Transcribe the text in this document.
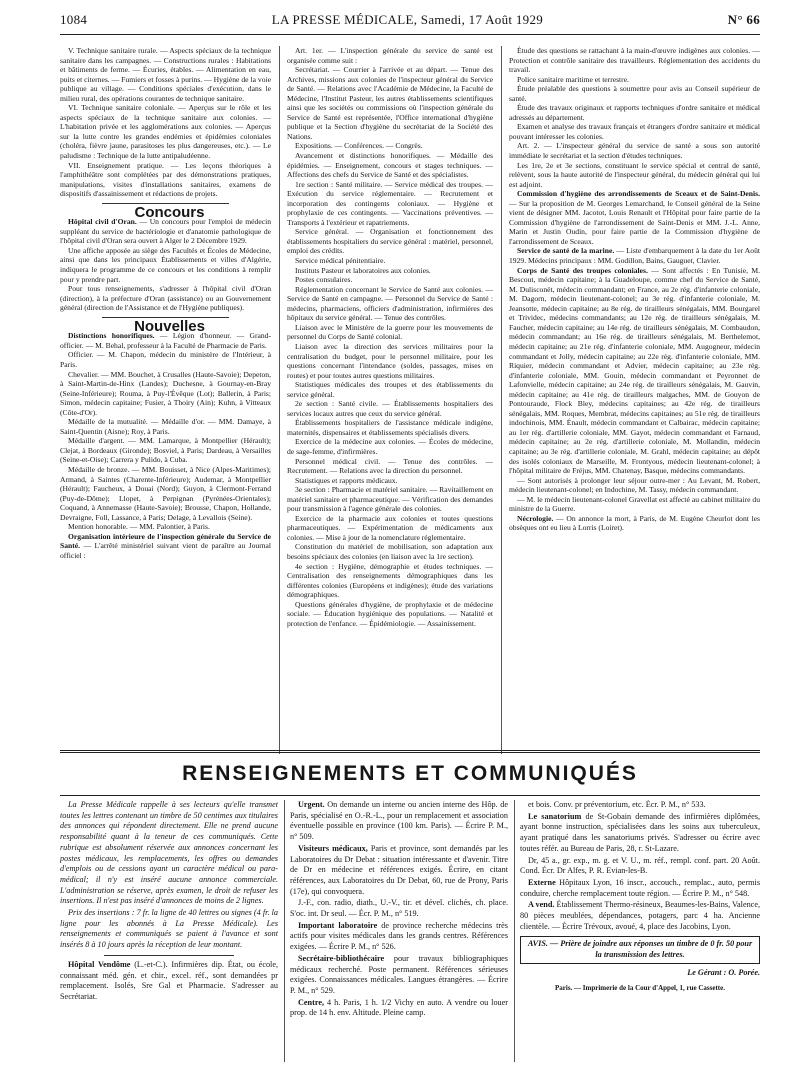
1084	LA PRESSE MÉDICALE, Samedi, 17 Août 1929	N° 66

V. Technique sanitaire rurale. — Aspects spéciaux de la technique sanitaire dans les campagnes. — Constructions rurales : Habitations et bâtiments de ferme. — Écuries, étables. — Alimentation en eau, puits et citernes. — Fumiers et fosses à purins. — Hygiène de la voie publique au village. — Conditions spéciales d'exécution, dans le milieu rural, des opérations courantes de technique sanitaire.

VI. Technique sanitaire coloniale. — Aperçus sur le rôle et les aspects spéciaux de la technique sanitaire aux colonies. — L'habitation privée et les agglomérations aux colonies. — Aperçus sur la lutte contre les grandes endémies et épidémies coloniales (choléra, fièvre jaune, parasitoses les plus dangereuses, etc.). — Le paludisme : Technique de la lutte antipaludéenne.

VII. Enseignement pratique. — Les leçons théoriques à l'amphithéâtre sont complétées par des démonstrations pratiques, manipulations, visites d'installations sanitaires, examens de dispositifs d'assainissement et rédactions de projets.

Concours

Hôpital civil d'Oran. — Un concours pour l'emploi de médecin suppléant du service de bactériologie et d'anatomie pathologique de l'hôpital civil d'Oran sera ouvert à Alger le 2 Décembre 1929.

Une affiche apposée au siège des Facultés et Écoles de Médecine, ainsi que dans les principaux Établissements et villes d'Algérie, indiquera le programme de ce concours et les conditions à remplir pour y prendre part.

Pour tous renseignements, s'adresser à l'hôpital civil d'Oran (direction), à la préfecture d'Oran (assistance) ou au Gouvernement général (direction de l'Assistance et de l'Hygiène publiques).

Nouvelles

Distinctions honorifiques. — Légion d'honneur. — Grand-officier. — M. Behal, professeur à la Faculté de Pharmacie de Paris.

Officier. — M. Chapon, médecin du ministère de l'Intérieur, à Paris.

Chevalier. — MM. Bouchet, à Crusalles (Haute-Savoie); Depeton, à Saint-Martin-de-Hinx (Landes); Duchesne, à Gournay-en-Bray (Seine-Inférieure); Rouma, à Puy-l'Évêque (Lot); Ballerin, à Paris; Simon, médecin capitaine; Fusier, à Thoiry (Ain); Kuhn, à Vitteaux (Côte-d'Or).

Médaille de la mutualité. — Médaille d'or. — MM. Damaye, à Saint-Quentin (Aisne); Roy, à Paris.

Médaille d'argent. — MM. Lamarque, à Montpellier (Hérault); Clejat, à Bordeaux (Gironde); Bosviel, à Paris; Dardeau, à Versailles (Seine-et-Oise); Carrera y Pulido, à Cuba.

Médaille de bronze. — MM. Bouisset, à Nice (Alpes-Maritimes); Armand, à Saintes (Charente-Inférieure); Audemar, à Montpellier (Hérault); Faucheux, à Douai (Nord); Guyon, à Clermont-Ferrand (Puy-de-Dôme); Llopet, à Perpignan (Pyrénées-Orientales); Coquand, à Annemasse (Haute-Savoie); Brousse, Chapon, Hollande, Devraigne, Foll, Lassance, à Paris; Delage, à Levallois (Seine).

Mention honorable. — MM. Palontier, à Paris.

Organisation intérieure de l'inspection générale du Service de Santé. — L'arrêté ministériel suivant vient de paraître au Journal officiel :

Art. 1er. — L'inspection générale du service de santé est organisée comme suit :

Secrétariat. — Courrier à l'arrivée et au départ. — Tenue des Archives, missions aux colonies de l'inspecteur général du Service de Santé. — Relations avec l'Académie de Médecine, la Faculté de Médecine, l'Institut Pasteur, les autres établissements scientifiques ainsi que les sociétés ou commissions où l'inspection générale du Service de Santé est représentée, l'Office international d'hygiène publique et la Section d'hygiène du secrétariat de la Société des Nations.

Expositions. — Conférences. — Congrès.

Avancement et distinctions honorifiques. — Médaille des épidémies. — Enseignement, concours et stages techniques. — Affections des chefs du Service de Santé et des spécialistes.

1re section : Santé militaire. — Service médical des troupes. — Exécution du service réglementaire. — Recrutement et incorporation des contingents coloniaux. — Hygiène et prophylaxie de ces contingents. — Vaccinations préventives. — Transports à l'extérieur et rapatriements.

Service général. — Organisation et fonctionnement des établissements hospitaliers du service général : matériel, personnel, emploi des crédits.

Service médical pénitentiaire.

Instituts Pasteur et laboratoires aux colonies.

Postes consulaires.

Réglementation concernant le Service de Santé aux colonies. — Service de Santé en campagne. — Personnel du Service de Santé : médecins, pharmaciens, officiers d'administration, infirmières des hôpitaux du service général. — Tenue des contrôles.

Liaison avec le Ministère de la guerre pour les mouvements de personnel du Corps de Santé colonial.

Liaison avec la direction des services militaires pour la centralisation du budget, pour le personnel militaire, pour les questions concernant l'intendance (soldes, passages, mises en routes) et pour toutes autres questions militaires.

Statistiques médicales des troupes et des établissements du service général.

2e section : Santé civile. — Établissements hospitaliers des services locaux autres que ceux du service général.

Établissements hospitaliers de l'assistance médicale indigène, maternités, dispensaires et établissements spécialisés divers.

Exercice de la médecine aux colonies. — Écoles de médecine, de sage-femme, d'infirmières.

Personnel médical civil. — Tenue des contrôles. — Recrutement. — Relations avec la direction du personnel.

Statistiques et rapports médicaux.

3e section : Pharmacie et matériel sanitaire. — Ravitaillement en matériel sanitaire et pharmaceutique. — Vérification des demandes pour transmission à l'agence générale des colonies.

Exercice de la pharmacie aux colonies et toutes questions pharmaceutiques. — Expérimentation de médicaments aux colonies. — Mise à jour de la nomenclature réglementaire.

Constitution du matériel de mobilisation, son adaptation aux besoins spéciaux des colonies (en liaison avec la 1re section).

4e section : Hygiène, démographie et études techniques. — Centralisation des renseignements démographiques dans les différentes colonies (Européens et indigènes); étude des variations démographiques.

Questions générales d'hygiène, de prophylaxie et de médecine sociale. — Éducation hygiénique des populations. — Natalité et protection de l'enfance. — Épidémiologie. — Assainissement.

Étude des questions se rattachant à la main-d'œuvre indigènes aux colonies. — Protection et contrôle sanitaire des travailleurs. Réglementation des accidents du travail.

Police sanitaire maritime et terrestre.

Étude préalable des questions à soumettre pour avis au Conseil supérieur de santé.

Étude des travaux originaux et rapports techniques d'ordre sanitaire et médical adressés au département.

Examen et analyse des travaux français et étrangers d'ordre sanitaire et médical pouvant intéresser les colonies.

Art. 2. — L'inspecteur général du service de santé a sous son autorité immédiate le secrétariat et la section d'études techniques.

Les 1re, 2e et 3e sections, constituant le service spécial et central de santé, relèvent, sous la haute autorité de l'inspecteur général, du médecin général qui lui est adjoint.

Commission d'hygiène des arrondissements de Sceaux et de Saint-Denis. — Sur la proposition de M. Georges Lemarchand, le Conseil général de la Seine vient de désigner MM. Jacotot, Louis Renault et l'Hôpital pour faire partie de la Commission d'hygiène de l'arrondissement de Saint-Denis et MM. J.-L. Anne, Marin et Justin Oudin, pour faire partie de la Commission d'hygiène de l'arrondissement de Sceaux.

Service de santé de la marine. — Liste d'embarquement à la date du 1er Août 1929. Médecins principaux : MM. Godillon, Bains, Gauguet, Clavier.

Corps de Santé des troupes coloniales. — Sont affectés : En Tunisie, M. Bescout, médecin capitaine; à la Guadeloupe, comme chef du Service de Santé, M. Dulisconët, médecin commandant; en France, au 2e rég. d'infanterie coloniale, M. Dagorn, médecin lieutenant-colonel; au 3e rég. d'infanterie coloniale, M. Jeansotte, médecin capitaine; au 8e rég. de tirailleurs sénégalais, MM. Bourgarel et Trividec, médecins commandants; au 12e rég. de tirailleurs sénégalais, M. Faucher, médecin capitaine; au 14e rég. de tirailleurs sénégalais, M. Combaudon, médecin commandant; au 16e rég. de tirailleurs sénégalais, M. Berthelemot, médecin capitaine; au 21e rég. d'infanterie coloniale, MM. Augogneur, médecin commandant et Jolly, médecin capitaine; au 22e rég. d'infanterie coloniale, MM. Riquier, médecin commandant et Advier, médecin capitaine; au 23e rég. d'infanterie coloniale, MM. Gouin, médecin commandant et Peyronnet de Lafonvielle, médecin capitaine; au 24e rég. de tirailleurs sénégalais, M. Gauvin, médecin capitaine; au 41e rég. de tirailleurs malgaches, MM. de Gouyon de Pontouraude, Flock Bley, médecins capitaines; au 42e rég. de tirailleurs sénégalais, MM. Roques, Membrat, médecins capitaines; au 51e rég. de tirailleurs indochinois, MM. Énault, médecin commandant et Calbairac, médecin capitaine; au 1er rég. d'artillerie coloniale, MM. Gayot, médecin commandant et Farnaud, médecin capitaine; au 2e rég. d'artillerie coloniale, M. Mollandin, médecin capitaine; au 3e rég. d'artillerie coloniale, M. Grahl, médecin capitaine; au dépôt des isolés coloniaux de Marseille, M. Frontyous, médecin lieutenant-colonel; à l'hôpital militaire de Fréjus, MM. Chatenay, Basque, médecins commandants.

— Sont autorisés à prolonger leur séjour outre-mer : Au Levant, M. Robert, médecin lieutenant-colonel; en Indochine, M. Tassy, médecin commandant.

— M. le médecin lieutenant-colonel Gravellat est affecté au cabinet militaire du ministre de la Guerre.

Nécrologie. — On annonce la mort, à Paris, de M. Eugène Cheurlot dont les obsèques ont eu lieu à Lorris (Loiret).

RENSEIGNEMENTS ET COMMUNIQUÉS

La Presse Médicale rappelle à ses lecteurs qu'elle transmet toutes les lettres contenant un timbre de 50 centimes aux titulaires des annonces qui répondent directement. Elle ne prend aucune responsabilité quant à la teneur de ces communiqués. Cette rubrique est absolument réservée aux annonces concernant les postes médicaux, les remplacements, les offres ou demandes d'emplois ou de cessions ayant un caractère médical ou para-médical; il n'y est inséré aucune annonce commerciale. L'administration se réserve, après examen, le droit de refuser les insertions. Il n'est pas inséré d'annonces de moins de 2 lignes.

Prix des insertions : 7 fr. la ligne de 40 lettres ou signes (4 fr. la ligne pour les abonnés à La Presse Médicale). Les renseignements et communiqués se paient à l'avance et sont insérés 8 à 10 jours après la réception de leur montant.

Hôpital Vendôme (L.-et-C.). Infirmières dip. État, ou école, connaissant méd. gén. et chir., excel. réf., sont demandées pr remplacement. Isolés, Sre Gal et Pharmacie. S'adresser au Secrétariat.

Urgent. On demande un interne ou ancien interne des Hôp. de Paris, spécialisé en O.-R.-L., pour un remplacement et association éventuelle possible en province (100 km. Paris). — Écrire P. M., n° 509.

Visiteurs médicaux, Paris et province, sont demandés par les Laboratoires du Dr Debat : situation intéressante et d'avenir. Titre de Dr en médecine et références exigés. Écrire, en citant références, aux Laboratoires du Dr Debat, 60, rue de Prony, Paris (17e), qui convoquera.

J.-F., con. radio, diath., U.-V., tir. et dével. clichés, ch. place. S'oc. int. Dr seul. — Écr. P. M., n° 519.

Important laboratoire de province recherche médecins très actifs pour visites médicales dans les grands centres. Références exigées. — Écrire P. M., n° 526.

Secrétaire-bibliothécaire pour travaux bibliographiques médicaux recherché. Poste permanent. Références sérieuses exigées. Connaissances médicales. Langues étrangères. — Écrire P. M., n° 529.

Centre, 4 h. Paris, 1 h. 1/2 Vichy en auto. A vendre ou louer prop. de 14 h. env. Altitude. Pleine camp.

et bois. Conv. pr préventorium, etc. Écr. P. M., n° 533.

Le sanatorium de St-Gobain demande des infirmières diplômées, ayant bonne instruction, spécialisées dans les soins aux tuberculeux, ayant pratiqué dans les sanatoriums privés. S'adresser ou écrire avec toutes référ. au Bureau de Paris, 28, r. St-Lazare.

Dr, 45 a., gr. exp., m. g. et V. U., m. réf., rempl. conf. part. 20 Août. Cond. Écr. Dr Alfes, P. R. Evian-les-B.

Externe Hôpitaux Lyon, 16 inscr., accouch., remplac., auto, permis conduire, cherche remplacement toute région. — Écrire P. M., n° 548.

A vend. Établissement Thermo-résineux, Beaumes-les-Bains, Valence, 80 pièces meublées, dépendances, potagers, parc 4 ha. Ancienne clientèle. — Écrire Trévoux, avoué, 4, place des Jacobins, Lyon.

AVIS. — Prière de joindre aux réponses un timbre de 0 fr. 50 pour la transmission des lettres.
Le Gérant : O. Porée.
Paris. — Imprimerie de la Cour d'Appel, 1, rue Cassette.
